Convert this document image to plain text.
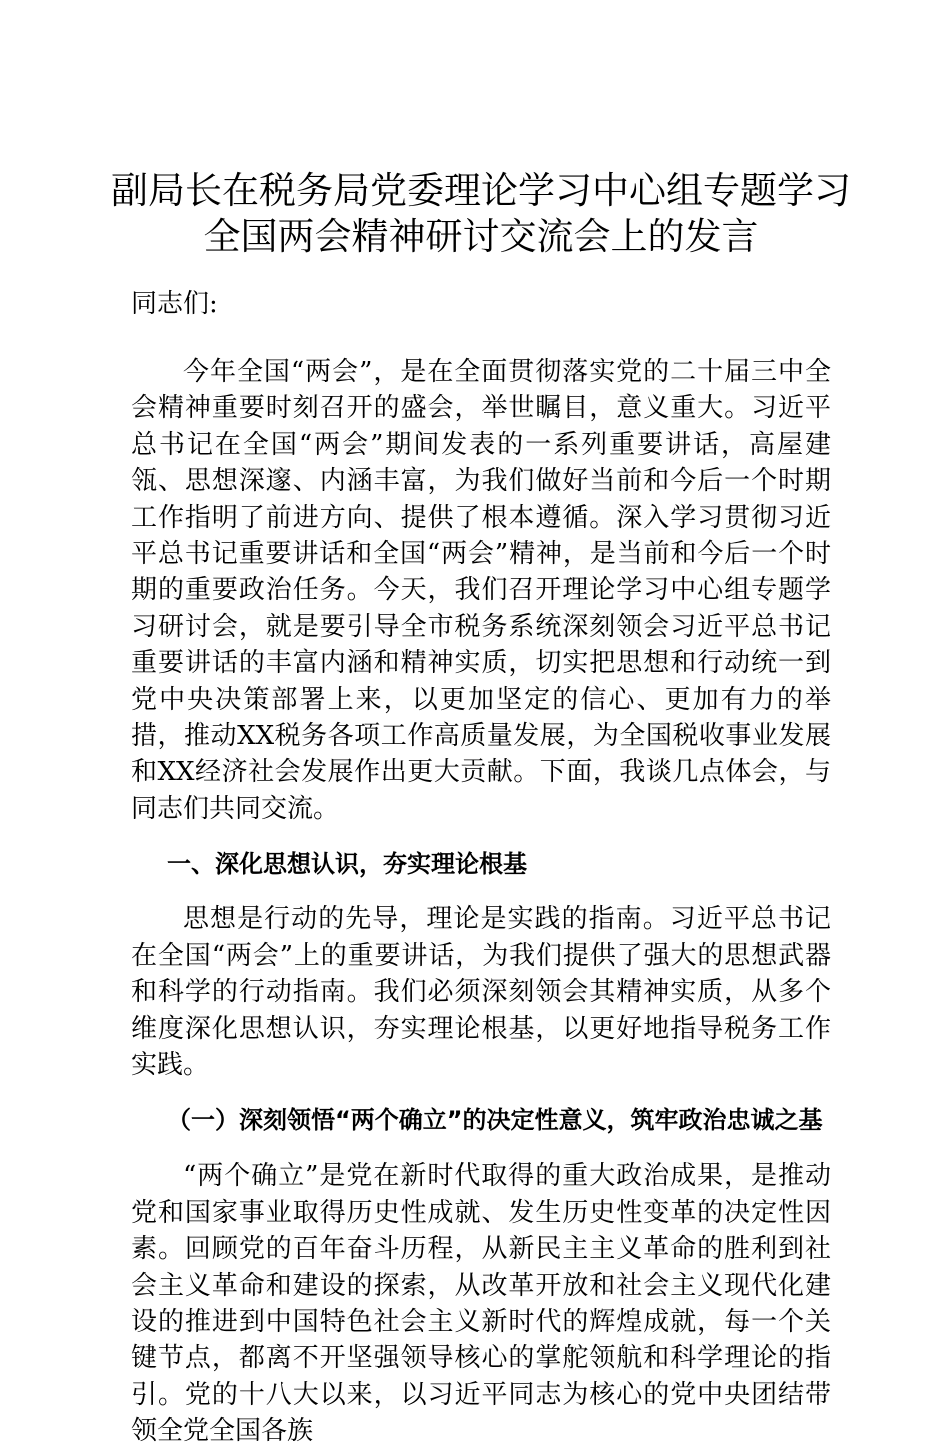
副局长在税务局党委理论学习中心组专题学习
全国两会精神研讨交流会上的发言
同志们:

今年全国“两会”，是在全面贯彻落实党的二十届三中全会精神重要时刻召开的盛会，举世瞩目，意义重大。习近平总书记在全国“两会”期间发表的一系列重要讲话，高屋建瓴、思想深邃、内涵丰富，为我们做好当前和今后一个时期工作指明了前进方向、提供了根本遵循。深入学习贯彻习近平总书记重要讲话和全国“两会”精神，是当前和今后一个时期的重要政治任务。今天，我们召开理论学习中心组专题学习研讨会，就是要引导全市税务系统深刻领会习近平总书记重要讲话的丰富内涵和精神实质，切实把思想和行动统一到党中央决策部署上来，以更加坚定的信心、更加有力的举措，推动XX税务各项工作高质量发展，为全国税收事业发展和XX经济社会发展作出更大贡献。下面，我谈几点体会，与同志们共同交流。

一、深化思想认识，夯实理论根基

思想是行动的先导，理论是实践的指南。习近平总书记在全国“两会”上的重要讲话，为我们提供了强大的思想武器和科学的行动指南。我们必须深刻领会其精神实质，从多个维度深化思想认识，夯实理论根基，以更好地指导税务工作实践。

（一）深刻领悟“两个确立”的决定性意义，筑牢政治忠诚之基

“两个确立”是党在新时代取得的重大政治成果，是推动党和国家事业取得历史性成就、发生历史性变革的决定性因素。回顾党的百年奋斗历程，从新民主主义革命的胜利到社会主义革命和建设的探索，从改革开放和社会主义现代化建设的推进到中国特色社会主义新时代的辉煌成就，每一个关键节点，都离不开坚强领导核心的掌舵领航和科学理论的指引。党的十八大以来，以习近平同志为核心的党中央团结带领全党全国各族
